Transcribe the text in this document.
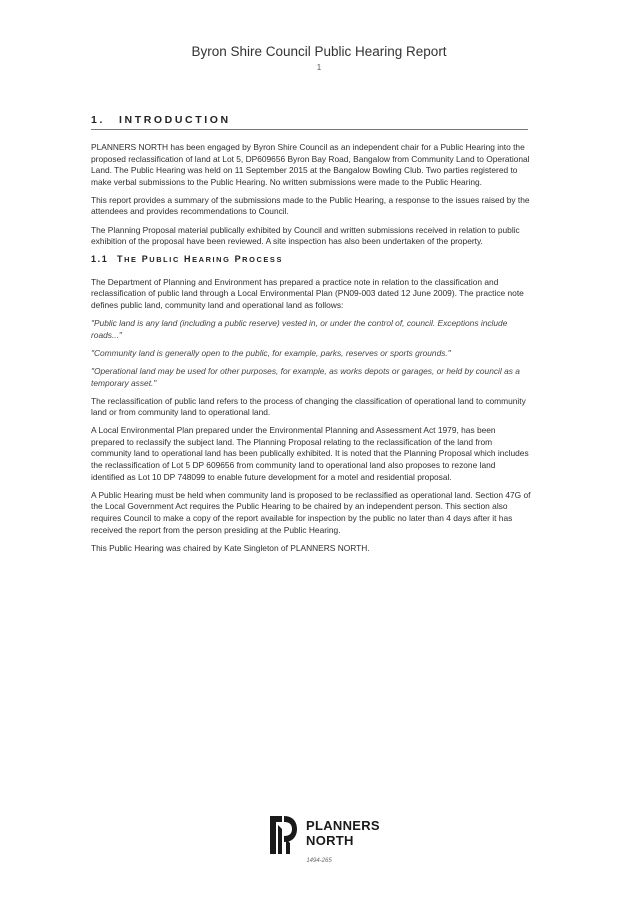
Byron Shire Council Public Hearing Report
1
1. INTRODUCTION

PLANNERS NORTH has been engaged by Byron Shire Council as an independent chair for a Public Hearing into the proposed reclassification of land at Lot 5, DP609656 Byron Bay Road, Bangalow from Community Land to Operational Land. The Public Hearing was held on 11 September 2015 at the Bangalow Bowling Club. Two parties registered to make verbal submissions to the Public Hearing. No written submissions were made to the Public Hearing.

This report provides a summary of the submissions made to the Public Hearing, a response to the issues raised by the attendees and provides recommendations to Council.

The Planning Proposal material publically exhibited by Council and written submissions received in relation to public exhibition of the proposal have been reviewed. A site inspection has also been undertaken of the property.

1.1 THE PUBLIC HEARING PROCESS

The Department of Planning and Environment has prepared a practice note in relation to the classification and reclassification of public land through a Local Environmental Plan (PN09-003 dated 12 June 2009). The practice note defines public land, community land and operational land as follows:

"Public land is any land (including a public reserve) vested in, or under the control of, council. Exceptions include roads..."

"Community land is generally open to the public, for example, parks, reserves or sports grounds."

"Operational land may be used for other purposes, for example, as works depots or garages, or held by council as a temporary asset."

The reclassification of public land refers to the process of changing the classification of operational land to community land or from community land to operational land.

A Local Environmental Plan prepared under the Environmental Planning and Assessment Act 1979, has been prepared to reclassify the subject land. The Planning Proposal relating to the reclassification of the land from community land to operational land has been publically exhibited. It is noted that the Planning Proposal which includes the reclassification of Lot 5 DP 609656 from community land to operational land also proposes to rezone land identified as Lot 10 DP 748099 to enable future development for a motel and residential proposal.

A Public Hearing must be held when community land is proposed to be reclassified as operational land. Section 47G of the Local Government Act requires the Public Hearing to be chaired by an independent person. This section also requires Council to make a copy of the report available for inspection by the public no later than 4 days after it has received the report from the person presiding at the Public Hearing.

This Public Hearing was chaired by Kate Singleton of PLANNERS NORTH.

PLANNERS
NORTH
1494-265
